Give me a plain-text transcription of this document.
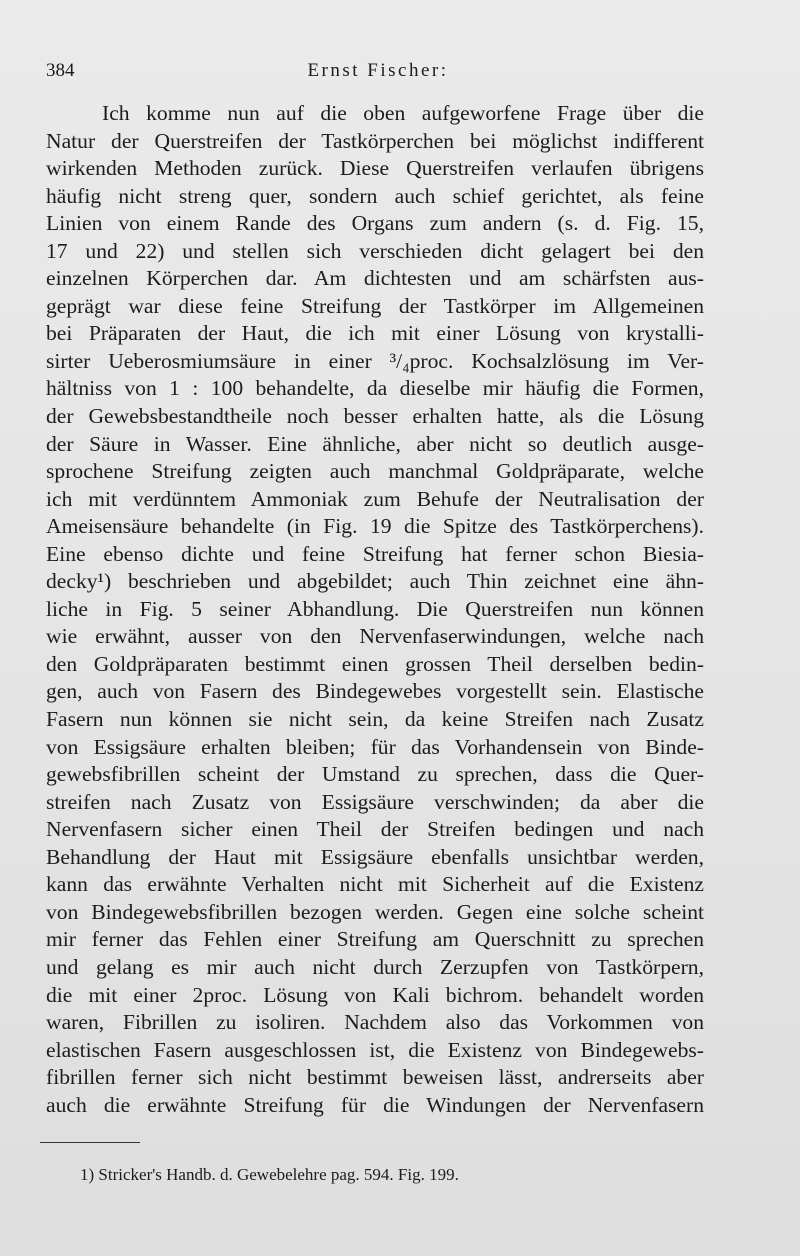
384	Ernst Fischer:
Ich komme nun auf die oben aufgeworfene Frage über die
Natur der Querstreifen der Tastkörperchen bei möglichst indifferent
wirkenden Methoden zurück. Diese Querstreifen verlaufen übrigens
häufig nicht streng quer, sondern auch schief gerichtet, als feine
Linien von einem Rande des Organs zum andern (s. d. Fig. 15,
17 und 22) und stellen sich verschieden dicht gelagert bei den
einzelnen Körperchen dar. Am dichtesten und am schärfsten aus-
geprägt war diese feine Streifung der Tastkörper im Allgemeinen
bei Präparaten der Haut, die ich mit einer Lösung von krystalli-
sirter Ueberosmiumsäure in einer ³/₄proc. Kochsalzlösung im Ver-
hältniss von 1 : 100 behandelte, da dieselbe mir häufig die Formen,
der Gewebsbestandtheile noch besser erhalten hatte, als die Lösung
der Säure in Wasser. Eine ähnliche, aber nicht so deutlich ausge-
sprochene Streifung zeigten auch manchmal Goldpräparate, welche
ich mit verdünntem Ammoniak zum Behufe der Neutralisation der
Ameisensäure behandelte (in Fig. 19 die Spitze des Tastkörperchens).
Eine ebenso dichte und feine Streifung hat ferner schon Biesia-
decky¹) beschrieben und abgebildet; auch Thin zeichnet eine ähn-
liche in Fig. 5 seiner Abhandlung. Die Querstreifen nun können
wie erwähnt, ausser von den Nervenfaserwindungen, welche nach
den Goldpräparaten bestimmt einen grossen Theil derselben bedin-
gen, auch von Fasern des Bindegewebes vorgestellt sein. Elastische
Fasern nun können sie nicht sein, da keine Streifen nach Zusatz
von Essigsäure erhalten bleiben; für das Vorhandensein von Binde-
gewebsfibrillen scheint der Umstand zu sprechen, dass die Quer-
streifen nach Zusatz von Essigsäure verschwinden; da aber die
Nervenfasern sicher einen Theil der Streifen bedingen und nach
Behandlung der Haut mit Essigsäure ebenfalls unsichtbar werden,
kann das erwähnte Verhalten nicht mit Sicherheit auf die Existenz
von Bindegewebsfibrillen bezogen werden. Gegen eine solche scheint
mir ferner das Fehlen einer Streifung am Querschnitt zu sprechen
und gelang es mir auch nicht durch Zerzupfen von Tastkörpern,
die mit einer 2proc. Lösung von Kali bichrom. behandelt worden
waren, Fibrillen zu isoliren. Nachdem also das Vorkommen von
elastischen Fasern ausgeschlossen ist, die Existenz von Bindegewebs-
fibrillen ferner sich nicht bestimmt beweisen lässt, andrerseits aber
auch die erwähnte Streifung für die Windungen der Nervenfasern
1) Stricker's Handb. d. Gewebelehre pag. 594. Fig. 199.
